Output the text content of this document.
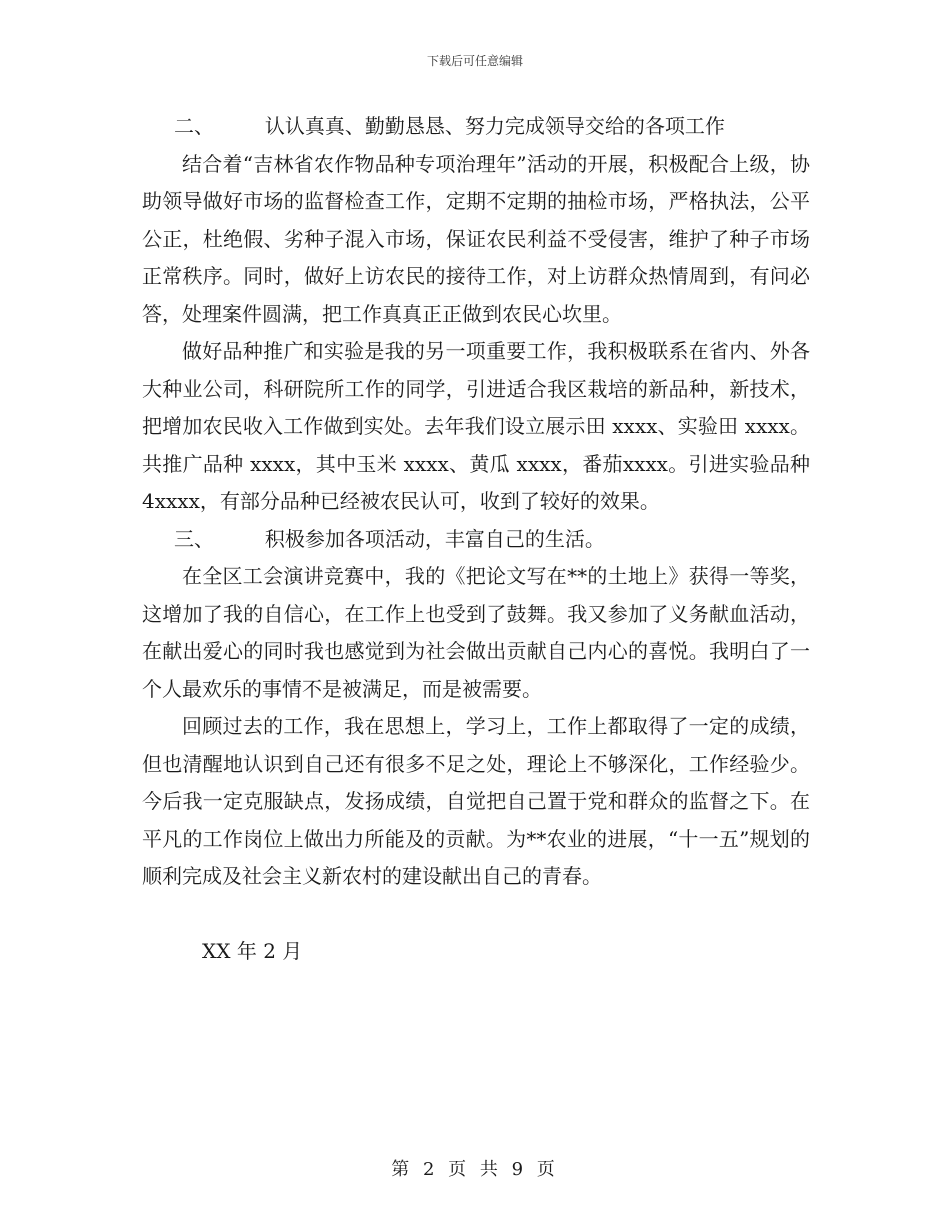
下载后可任意编辑

二、        认认真真、勤勤恳恳、努力完成领导交给的各项工作

结合着“吉林省农作物品种专项治理年”活动的开展，积极配合上级，协助领导做好市场的监督检查工作，定期不定期的抽检市场，严格执法，公平公正，杜绝假、劣种子混入市场，保证农民利益不受侵害，维护了种子市场正常秩序。同时，做好上访农民的接待工作，对上访群众热情周到，有问必答，处理案件圆满，把工作真真正正做到农民心坎里。

做好品种推广和实验是我的另一项重要工作，我积极联系在省内、外各大种业公司，科研院所工作的同学，引进适合我区栽培的新品种，新技术，把增加农民收入工作做到实处。去年我们设立展示田 xxxx、实验田 xxxx。共推广品种 xxxx，其中玉米 xxxx、黄瓜 xxxx，番茄xxxx。引进实验品种 4xxxx，有部分品种已经被农民认可，收到了较好的效果。

三、        积极参加各项活动，丰富自己的生活。

在全区工会演讲竞赛中，我的《把论文写在**的土地上》获得一等奖，这增加了我的自信心，在工作上也受到了鼓舞。我又参加了义务献血活动，在献出爱心的同时我也感觉到为社会做出贡献自己内心的喜悦。我明白了一个人最欢乐的事情不是被满足，而是被需要。

回顾过去的工作，我在思想上，学习上，工作上都取得了一定的成绩，但也清醒地认识到自己还有很多不足之处，理论上不够深化，工作经验少。今后我一定克服缺点，发扬成绩，自觉把自己置于党和群众的监督之下。在平凡的工作岗位上做出力所能及的贡献。为**农业的进展，“十一五”规划的顺利完成及社会主义新农村的建设献出自己的青春。

XX 年 2 月

第 2 页 共 9 页
